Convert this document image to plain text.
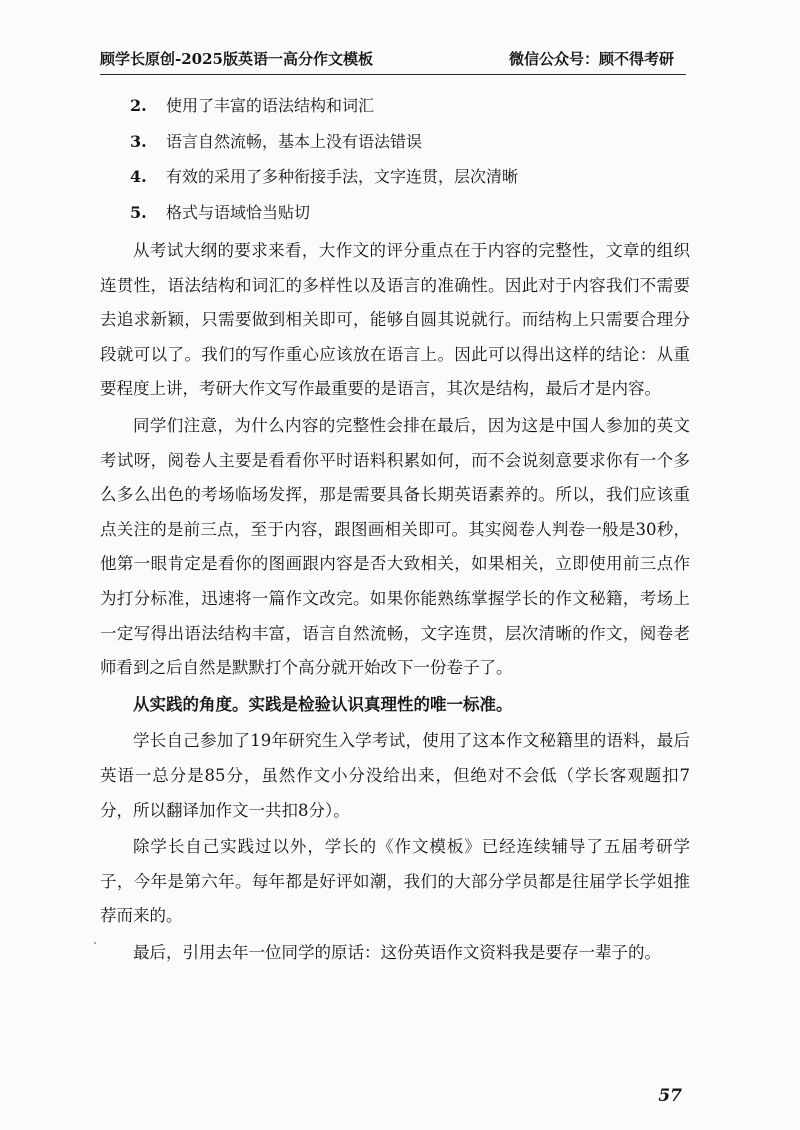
顾学长原创-2025版英语一高分作文模板	微信公众号：顾不得考研
2. 使用了丰富的语法结构和词汇
3. 语言自然流畅，基本上没有语法错误
4. 有效的采用了多种衔接手法，文字连贯，层次清晰
5. 格式与语域恰当贴切

从考试大纲的要求来看，大作文的评分重点在于内容的完整性，文章的组织连贯性，语法结构和词汇的多样性以及语言的准确性。因此对于内容我们不需要去追求新颖，只需要做到相关即可，能够自圆其说就行。而结构上只需要合理分段就可以了。我们的写作重心应该放在语言上。因此可以得出这样的结论：从重要程度上讲，考研大作文写作最重要的是语言，其次是结构，最后才是内容。

同学们注意，为什么内容的完整性会排在最后，因为这是中国人参加的英文考试呀，阅卷人主要是看看你平时语料积累如何，而不会说刻意要求你有一个多么多么出色的考场临场发挥，那是需要具备长期英语素养的。所以，我们应该重点关注的是前三点，至于内容，跟图画相关即可。其实阅卷人判卷一般是30秒，他第一眼肯定是看你的图画跟内容是否大致相关，如果相关，立即使用前三点作为打分标准，迅速将一篇作文改完。如果你能熟练掌握学长的作文秘籍，考场上一定写得出语法结构丰富，语言自然流畅，文字连贯，层次清晰的作文，阅卷老师看到之后自然是默默打个高分就开始改下一份卷子了。

从实践的角度。实践是检验认识真理性的唯一标准。

学长自己参加了19年研究生入学考试，使用了这本作文秘籍里的语料，最后英语一总分是85分，虽然作文小分没给出来，但绝对不会低（学长客观题扣7分，所以翻译加作文一共扣8分）。

除学长自己实践过以外，学长的《作文模板》已经连续辅导了五届考研学子，今年是第六年。每年都是好评如潮，我们的大部分学员都是往届学长学姐推荐而来的。

最后，引用去年一位同学的原话：这份英语作文资料我是要存一辈子的。

57
